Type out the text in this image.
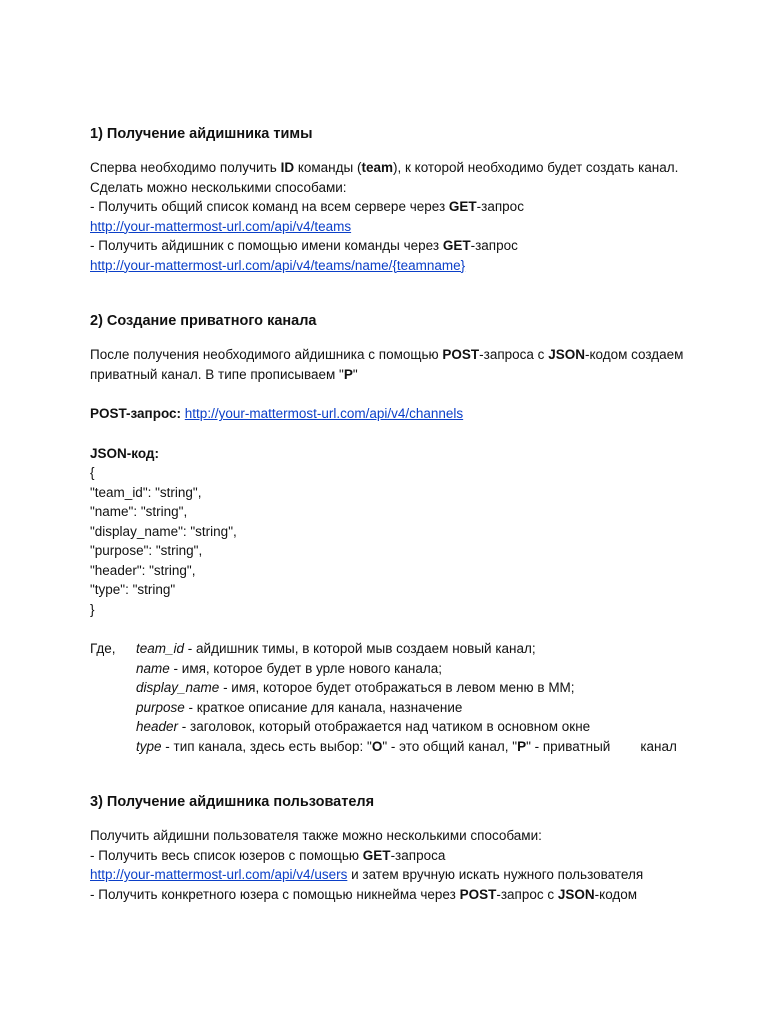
1) Получение айдишника тимы
Сперва необходимо получить ID команды (team), к которой необходимо будет создать канал.
Сделать можно несколькими способами:
- Получить общий список команд на всем сервере через GET-запрос
http://your-mattermost-url.com/api/v4/teams
- Получить айдишник с помощью имени команды через GET-запрос
http://your-mattermost-url.com/api/v4/teams/name/{teamname}
2) Создание приватного канала
После получения необходимого айдишника с помощью POST-запроса с JSON-кодом создаем
приватный канал. В типе прописываем "P"
POST-запрос: http://your-mattermost-url.com/api/v4/channels
JSON-код:
{
"team_id": "string",
"name": "string",
"display_name": "string",
"purpose": "string",
"header": "string",
"type": "string"
}
Где,	team_id - айдишник тимы, в которой мыв создаем новый канал;
name - имя, которое будет в урле нового канала;
display_name - имя, которое будет отображаться в левом меню в ММ;
purpose - краткое описание для канала, назначение
header - заголовок, который отображается над чатиком в основном окне
type - тип канала, здесь есть выбор: "O" - это общий канал, "P" - приватный канал
3) Получение айдишника пользователя
Получить айдишни пользователя также можно несколькими способами:
- Получить весь список юзеров с помощью GET-запроса
http://your-mattermost-url.com/api/v4/users и затем вручную искать нужного пользователя
- Получить конкретного юзера с помощью никнейма через POST-запрос с JSON-кодом
